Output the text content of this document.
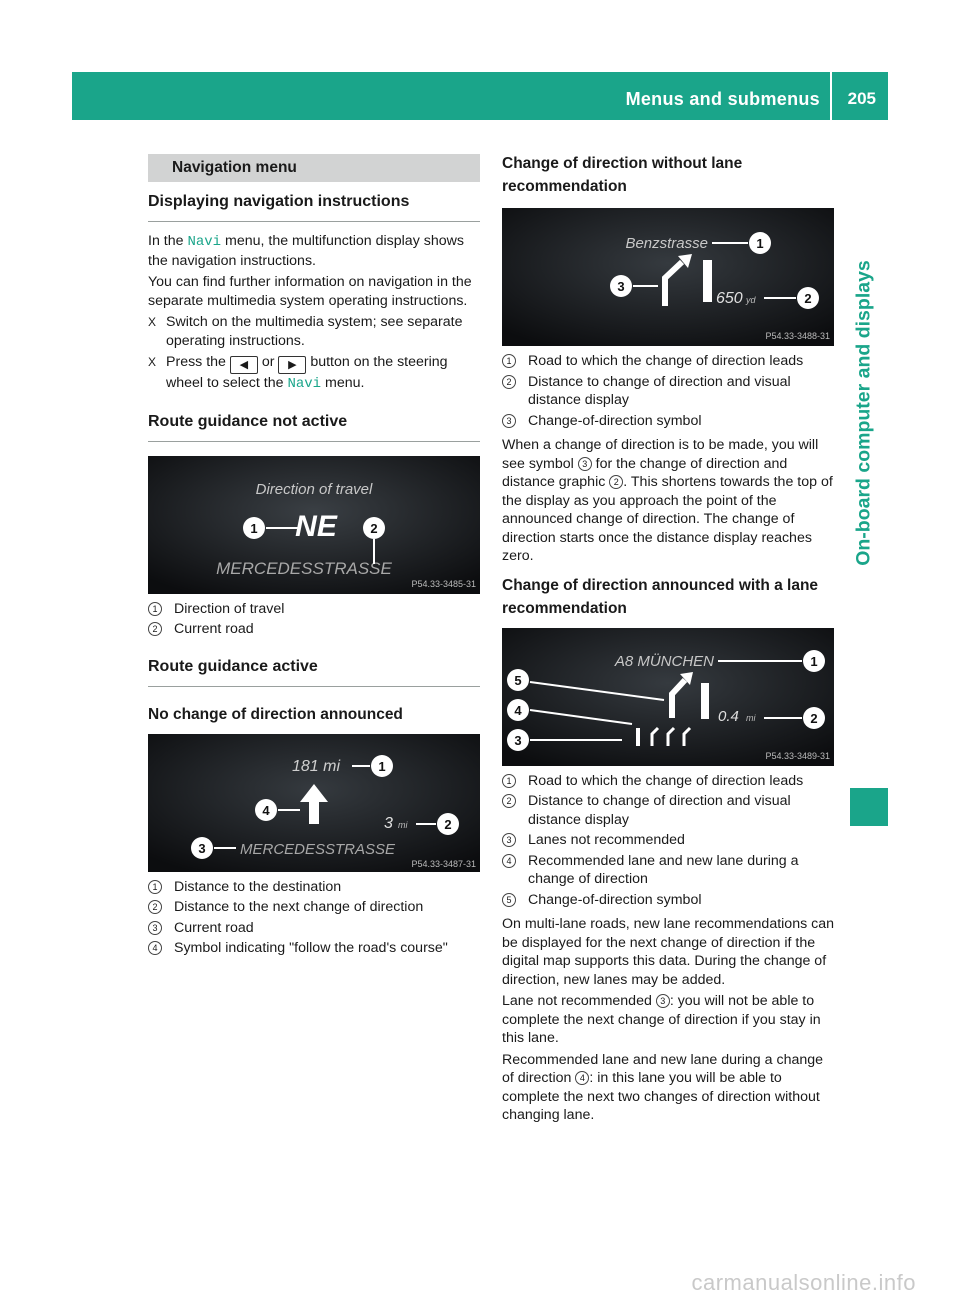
Menus and submenus 205
On-board computer and displays
Navigation menu
Displaying navigation instructions

In the Navi menu, the multifunction display shows the navigation instructions.

You can find further information on navigation in the separate multimedia system operating instructions.

X Switch on the multimedia system; see separate operating instructions.
X Press the ◀ or ▶ button on the steering wheel to select the Navi menu.
Route guidance not active
Direction of travel
NE
MERCEDESSTRASSE
1	2
P54.33-3485-31
1	Direction of travel
2	Current road
Route guidance active
No change of direction announced
181 mi	1
4
3 mi	2
MERCEDESSTRASSE
3
P54.33-3487-31
1	Distance to the destination
2	Distance to the next change of direction
3	Current road
4	Symbol indicating "follow the road's course"
Change of direction without lane recommendation
Benzstrasse	1
3
650 yd	2
P54.33-3488-31
1	Road to which the change of direction leads
2	Distance to change of direction and visual distance display
3	Change-of-direction symbol

When a change of direction is to be made, you will see symbol 3 for the change of direction and distance graphic 2 . This shortens towards the top of the display as you approach the point of the announced change of direction. The change of direction starts once the distance display reaches zero.

Change of direction announced with a lane recommendation
A8 MÜNCHEN	1
0.4 mi	2
5
4
3
P54.33-3489-31
1	Road to which the change of direction leads
2	Distance to change of direction and visual distance display
3	Lanes not recommended
4	Recommended lane and new lane during a change of direction
5	Change-of-direction symbol

On multi-lane roads, new lane recommendations can be displayed for the next change of direction if the digital map supports this data. During the change of direction, new lanes may be added.

Lane not recommended 3 : you will not be able to complete the next change of direction if you stay in this lane.

Recommended lane and new lane during a change of direction 4 : in this lane you will be able to complete the next two changes of direction without changing lane.

carmanualsonline.info
